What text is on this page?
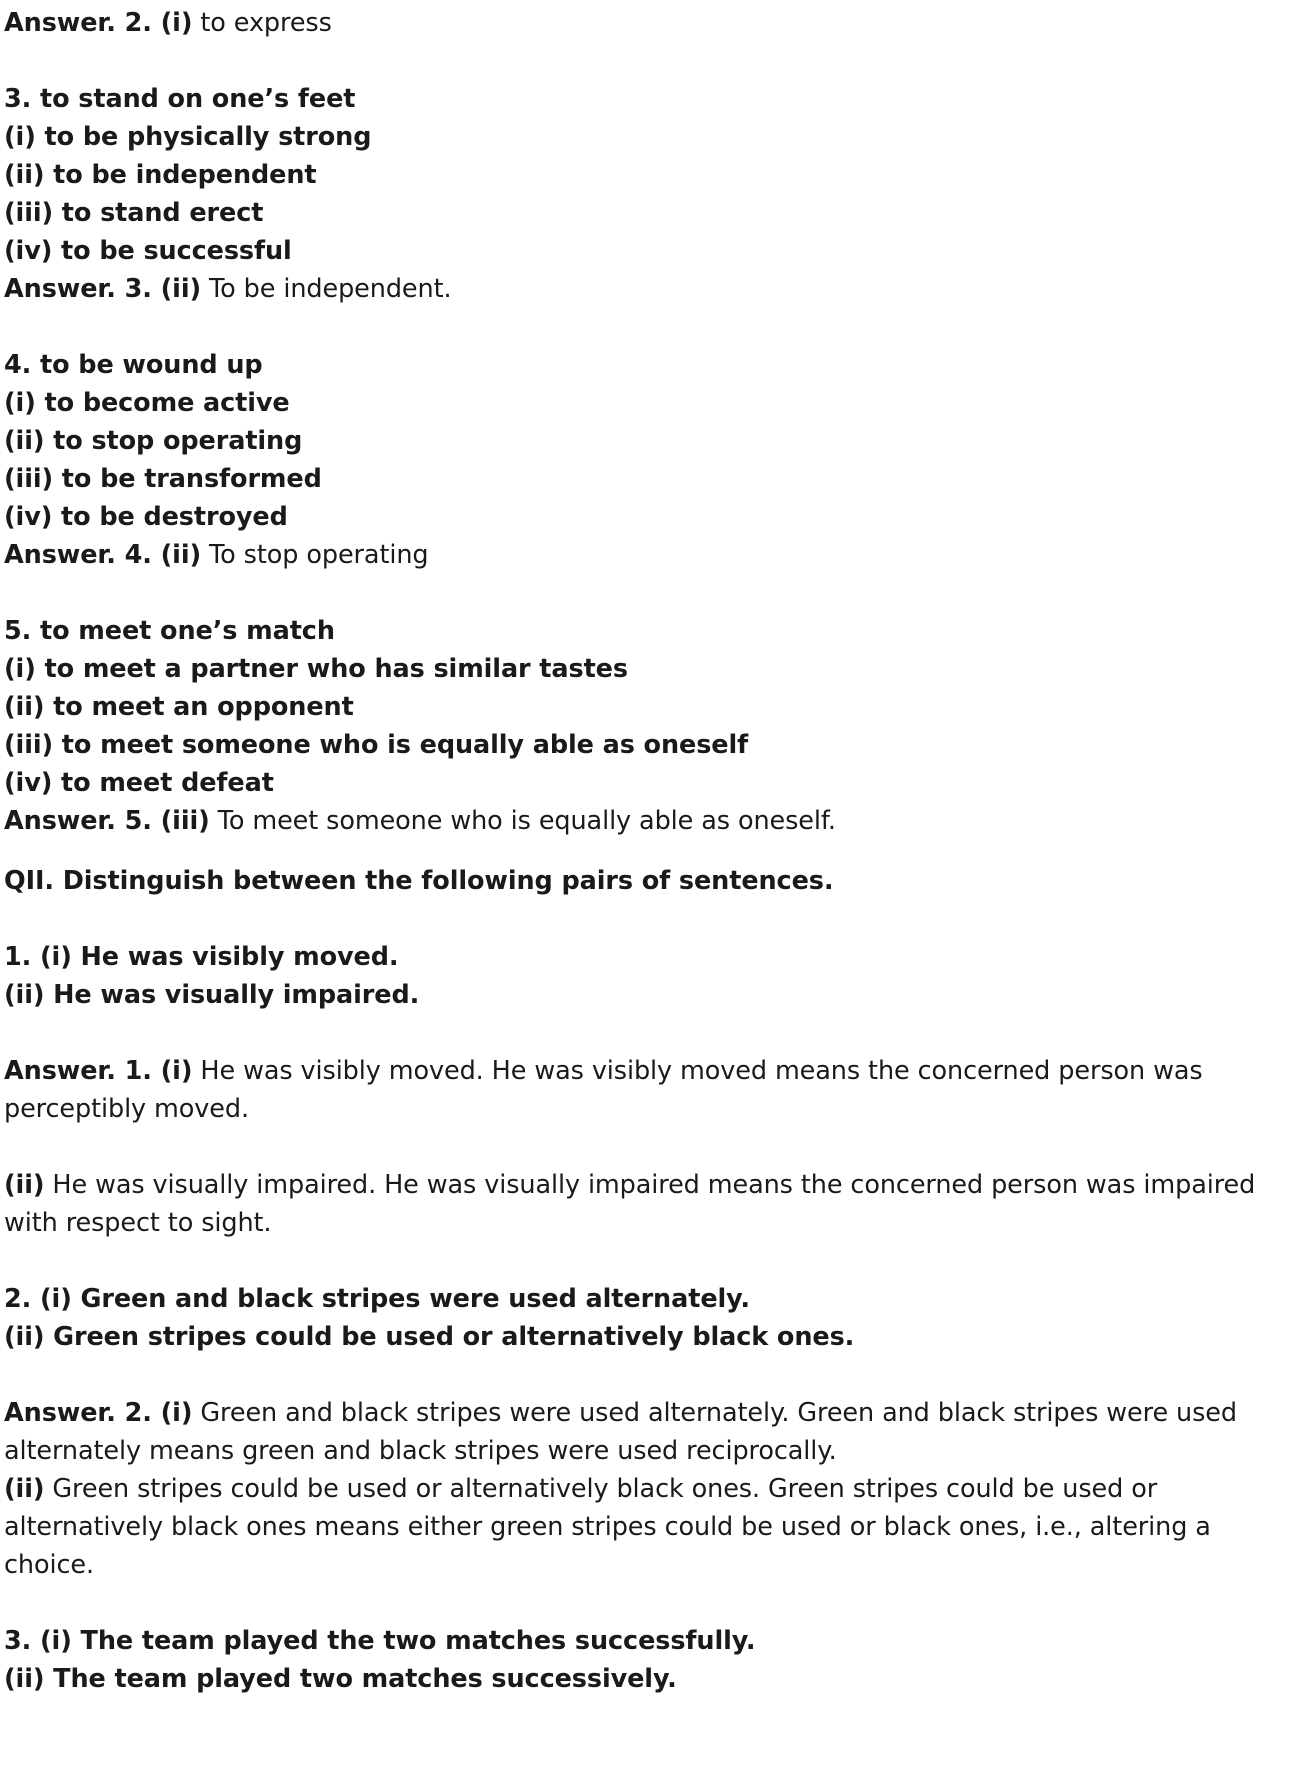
Answer. 2. (i) to express
3. to stand on one’s feet
(i) to be physically strong
(ii) to be independent
(iii) to stand erect
(iv) to be successful
Answer. 3. (ii) To be independent.
4. to be wound up
(i) to become active
(ii) to stop operating
(iii) to be transformed
(iv) to be destroyed
Answer. 4. (ii) To stop operating
5. to meet one’s match
(i) to meet a partner who has similar tastes
(ii) to meet an opponent
(iii) to meet someone who is equally able as oneself
(iv) to meet defeat
Answer. 5. (iii) To meet someone who is equally able as oneself.
QII. Distinguish between the following pairs of sentences.
1. (i) He was visibly moved.
(ii) He was visually impaired.
Answer. 1. (i) He was visibly moved. He was visibly moved means the concerned person was perceptibly moved.
(ii) He was visually impaired. He was visually impaired means the concerned person was impaired with respect to sight.
2. (i) Green and black stripes were used alternately.
(ii) Green stripes could be used or alternatively black ones.
Answer. 2. (i) Green and black stripes were used alternately. Green and black stripes were used alternately means green and black stripes were used reciprocally.
(ii) Green stripes could be used or alternatively black ones. Green stripes could be used or alternatively black ones means either green stripes could be used or black ones, i.e., altering a choice.
3. (i) The team played the two matches successfully.
(ii) The team played two matches successively.
